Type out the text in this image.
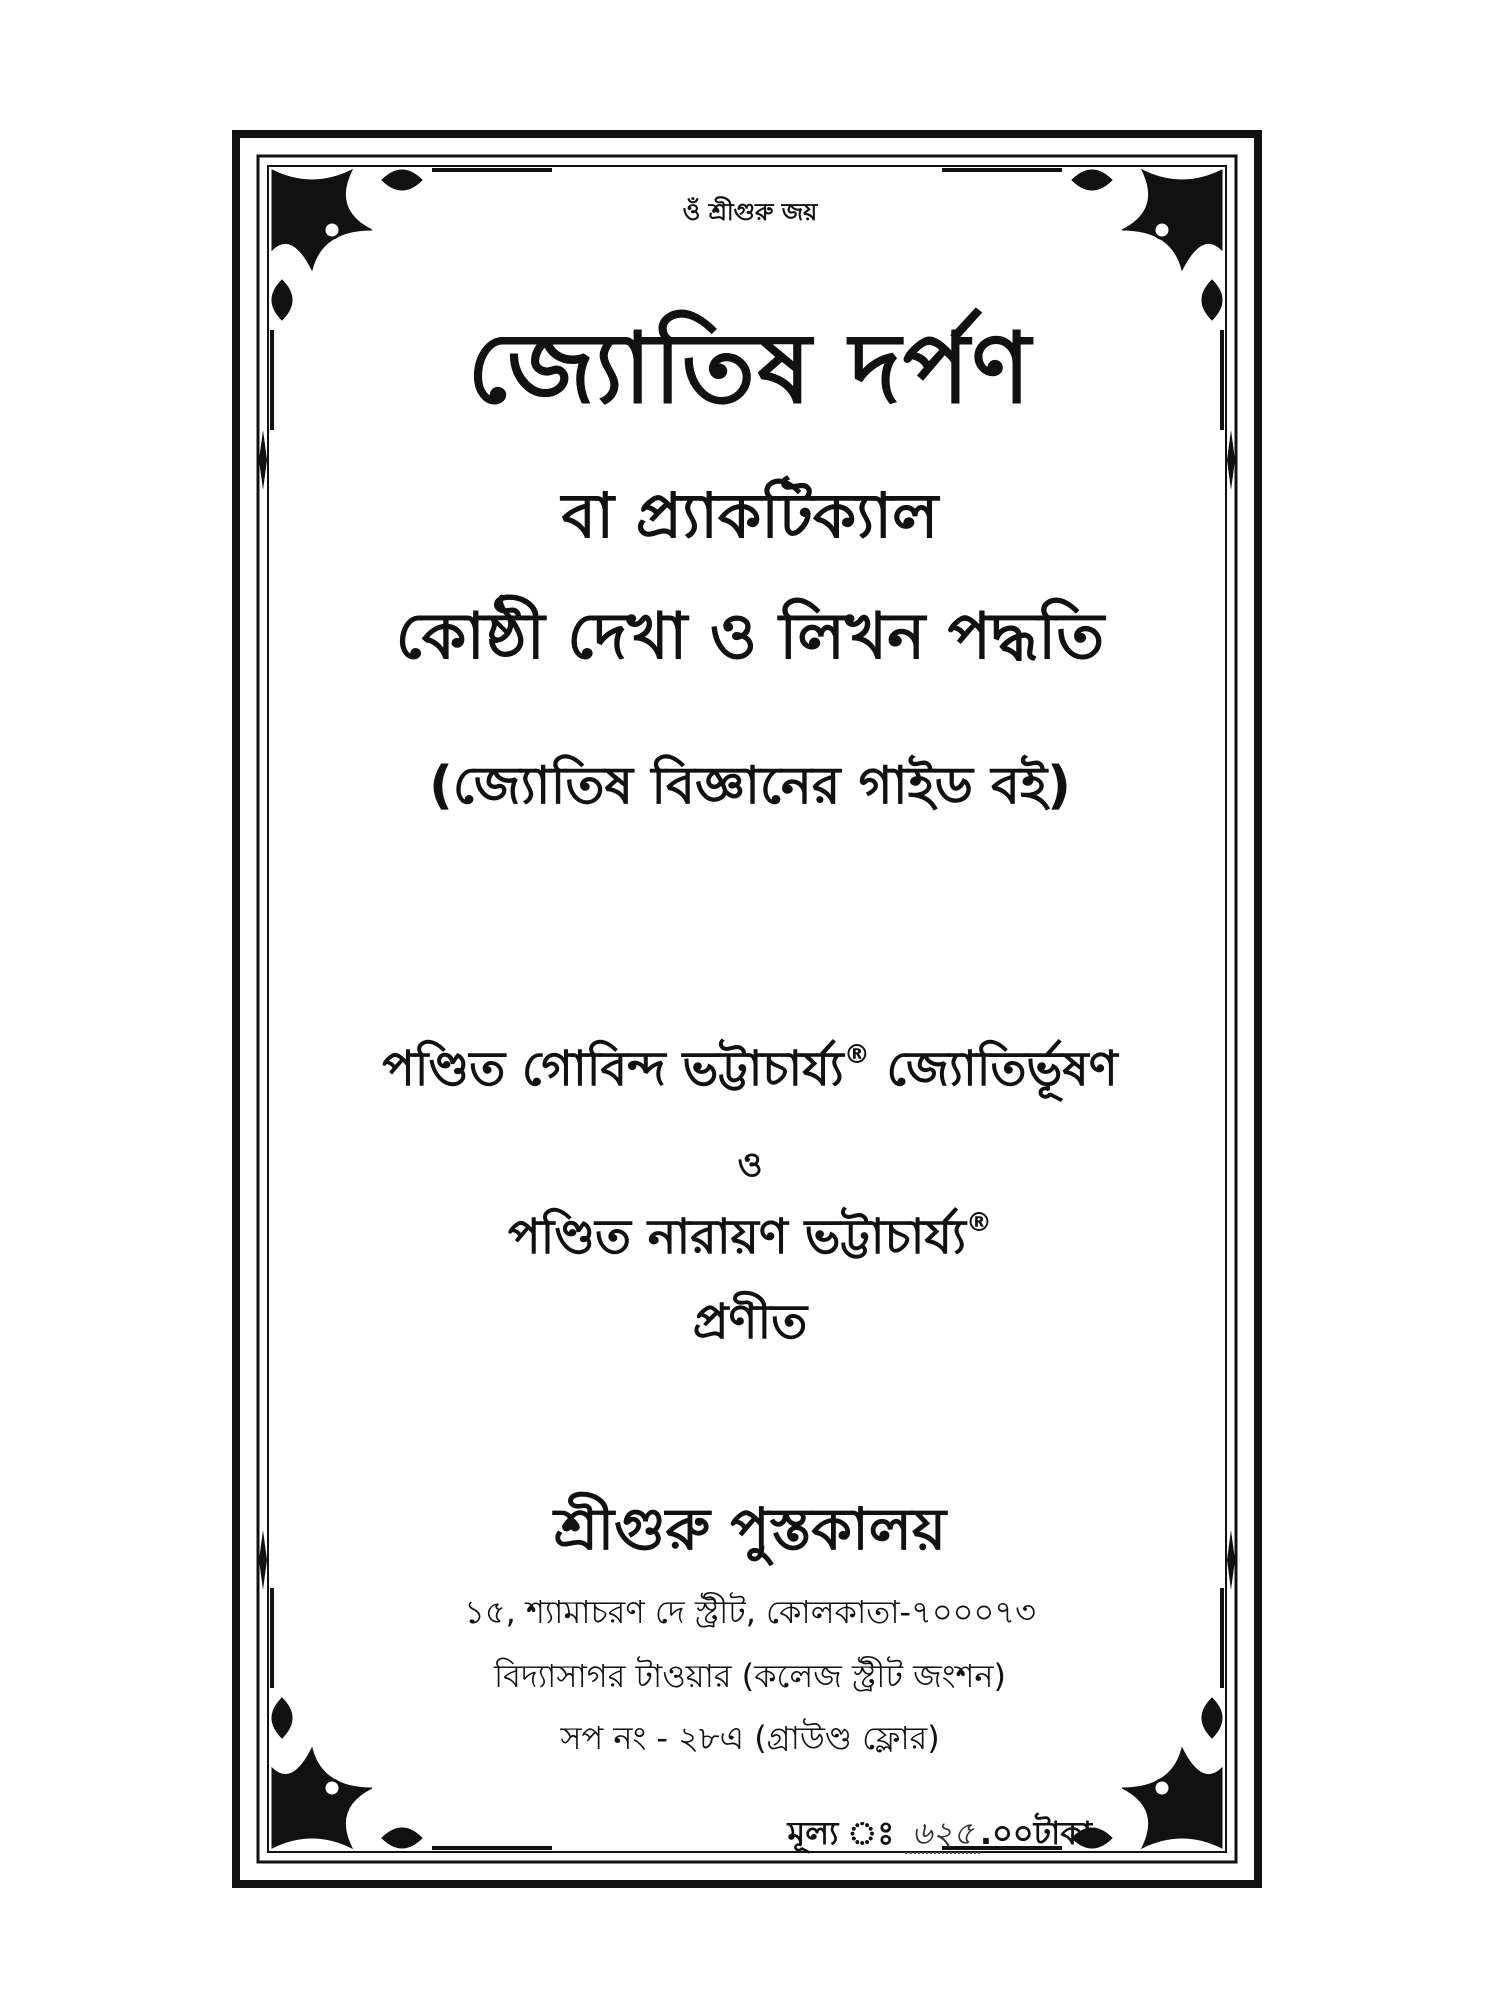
ওঁ শ্রীগুরু জয়
জ্যোতিষ দর্পণ
বা প্র্যাকটিক্যাল
কোষ্ঠী দেখা ও লিখন পদ্ধতি
(জ্যোতিষ বিজ্ঞানের গাইড বই)
পণ্ডিত গোবিন্দ ভট্টাচার্য্য® জ্যোতির্ভূষণ
ও
পণ্ডিত নারায়ণ ভট্টাচার্য্য®
প্রণীত
শ্রীগুরু পুস্তকালয়
১৫, শ্যামাচরণ দে স্ট্রীট, কোলকাতা-৭০০০৭৩
বিদ্যাসাগর টাওয়ার (কলেজ স্ট্রীট জংশন)
সপ নং - ২৮এ (গ্রাউণ্ড ফ্লোর)
মূল্য ঃ ৬২৫ .০০টাকা
